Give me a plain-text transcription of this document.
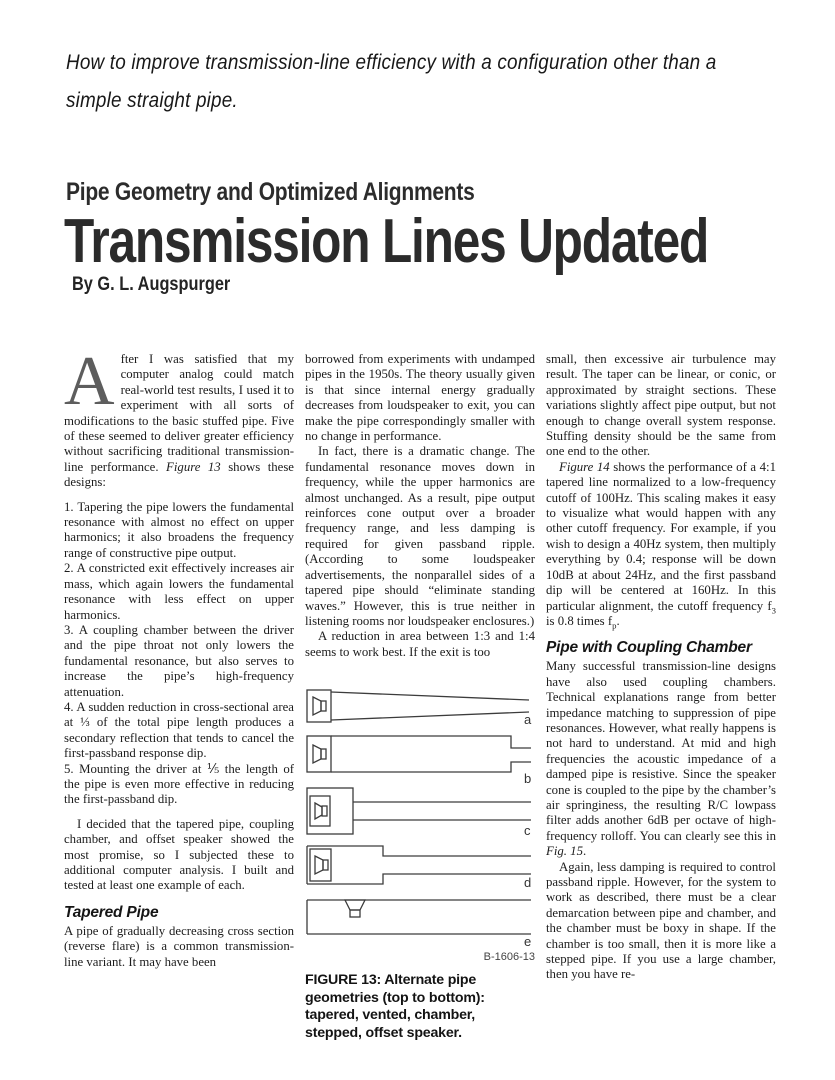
How to improve transmission-line efficiency with a configuration other than a simple straight pipe.
Pipe Geometry and Optimized Alignments
Transmission Lines Updated
By G. L. Augspurger

After I was satisfied that my computer analog could match real-world test results, I used it to experiment with all sorts of modifications to the basic stuffed pipe. Five of these seemed to deliver greater efficiency without sacrificing traditional transmission-line performance. Figure 13 shows these designs:

1. Tapering the pipe lowers the fundamental resonance with almost no effect on upper harmonics; it also broadens the frequency range of constructive pipe output.

2. A constricted exit effectively increases air mass, which again lowers the fundamental resonance with less effect on upper harmonics.

3. A coupling chamber between the driver and the pipe throat not only lowers the fundamental resonance, but also serves to increase the pipe’s high-frequency attenuation.

4. A sudden reduction in cross-sectional area at ⅓ of the total pipe length produces a secondary reflection that tends to cancel the first-passband response dip.

5. Mounting the driver at ⅕ the length of the pipe is even more effective in reducing the first-passband dip.

I decided that the tapered pipe, coupling chamber, and offset speaker showed the most promise, so I subjected these to additional computer analysis. I built and tested at least one example of each.

Tapered Pipe

A pipe of gradually decreasing cross section (reverse flare) is a common transmission-line variant. It may have been

borrowed from experiments with undamped pipes in the 1950s. The theory usually given is that since internal energy gradually decreases from loudspeaker to exit, you can make the pipe correspondingly smaller with no change in performance.

In fact, there is a dramatic change. The fundamental resonance moves down in frequency, while the upper harmonics are almost unchanged. As a result, pipe output reinforces cone output over a broader frequency range, and less damping is required for given passband ripple. (According to some loudspeaker advertisements, the nonparallel sides of a tapered pipe should “eliminate standing waves.” However, this is true neither in listening rooms nor loudspeaker enclosures.)

A reduction in area between 1:3 and 1:4 seems to work best. If the exit is too

a
b
c
d
e
B-1606-13
FIGURE 13: Alternate pipe geometries (top to bottom): tapered, vented, chamber, stepped, offset speaker.

small, then excessive air turbulence may result. The taper can be linear, or conic, or approximated by straight sections. These variations slightly affect pipe output, but not enough to change overall system response. Stuffing density should be the same from one end to the other.

Figure 14 shows the performance of a 4:1 tapered line normalized to a low-frequency cutoff of 100Hz. This scaling makes it easy to visualize what would happen with any other cutoff frequency. For example, if you wish to design a 40Hz system, then multiply everything by 0.4; response will be down 10dB at about 24Hz, and the first passband dip will be centered at 160Hz. In this particular alignment, the cutoff frequency $f_3$ is 0.8 times $f_p$.

Pipe with Coupling Chamber

Many successful transmission-line designs have also used coupling chambers. Technical explanations range from better impedance matching to suppression of pipe resonances. However, what really happens is not hard to understand. At mid and high frequencies the acoustic impedance of a damped pipe is resistive. Since the speaker cone is coupled to the pipe by the chamber’s air springiness, the resulting R/C lowpass filter adds another 6dB per octave of high-frequency rolloff. You can clearly see this in Fig. 15.

Again, less damping is required to control passband ripple. However, for the system to work as described, there must be a clear demarcation between pipe and chamber, and the chamber must be boxy in shape. If the chamber is too small, then it is more like a stepped pipe. If you use a large chamber, then you have re-
